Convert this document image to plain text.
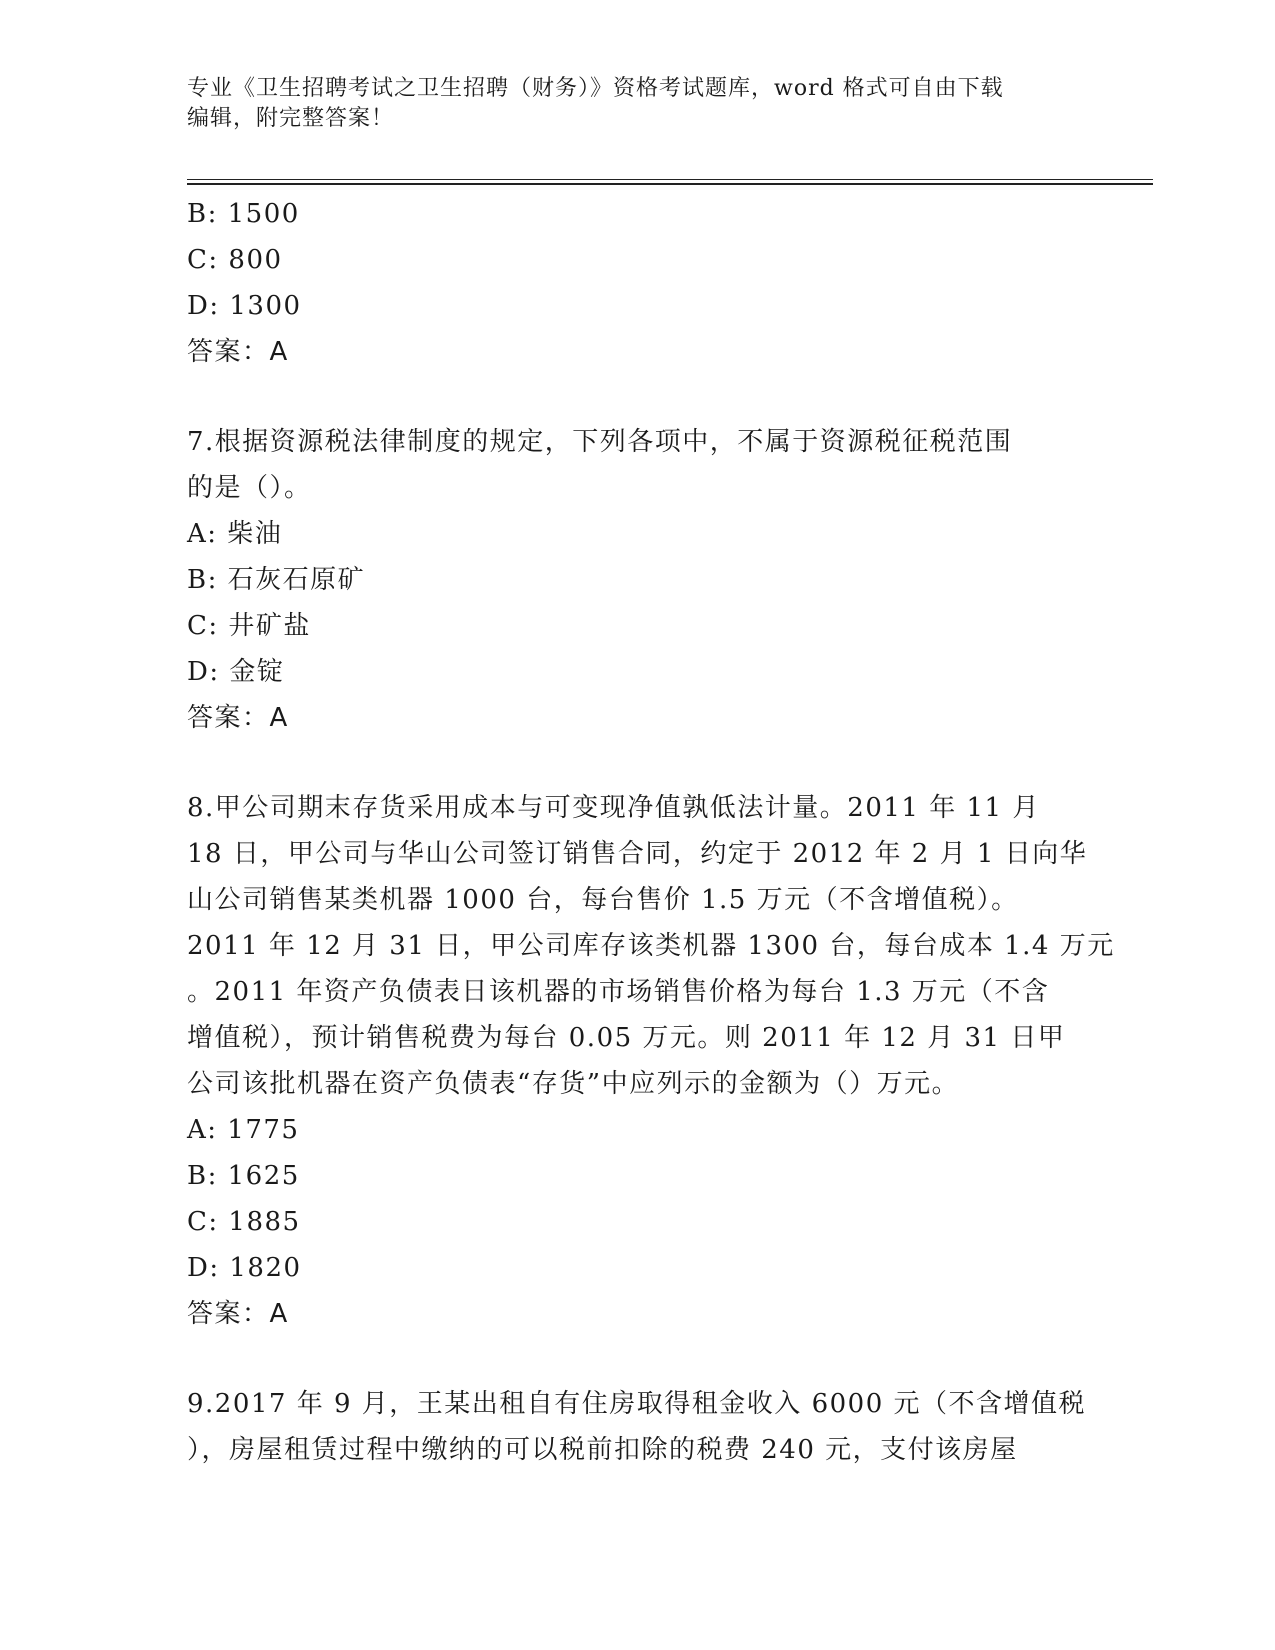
专业《卫生招聘考试之卫生招聘（财务）》资格考试题库，word 格式可自由下载
编辑，附完整答案！
B: 1500
C: 800
D: 1300
答案：A
7.根据资源税法律制度的规定，下列各项中，不属于资源税征税范围
的是（）。
A: 柴油
B: 石灰石原矿
C: 井矿盐
D: 金锭
答案：A
8.甲公司期末存货采用成本与可变现净值孰低法计量。2011 年 11 月
18 日，甲公司与华山公司签订销售合同，约定于 2012 年 2 月 1 日向华
山公司销售某类机器 1000 台，每台售价 1.5 万元（不含增值税）。
2011 年 12 月 31 日，甲公司库存该类机器 1300 台，每台成本 1.4 万元
。2011 年资产负债表日该机器的市场销售价格为每台 1.3 万元（不含
增值税），预计销售税费为每台 0.05 万元。则 2011 年 12 月 31 日甲
公司该批机器在资产负债表“存货”中应列示的金额为（）万元。
A: 1775
B: 1625
C: 1885
D: 1820
答案：A
9.2017 年 9 月，王某出租自有住房取得租金收入 6000 元（不含增值税
），房屋租赁过程中缴纳的可以税前扣除的税费 240 元，支付该房屋
